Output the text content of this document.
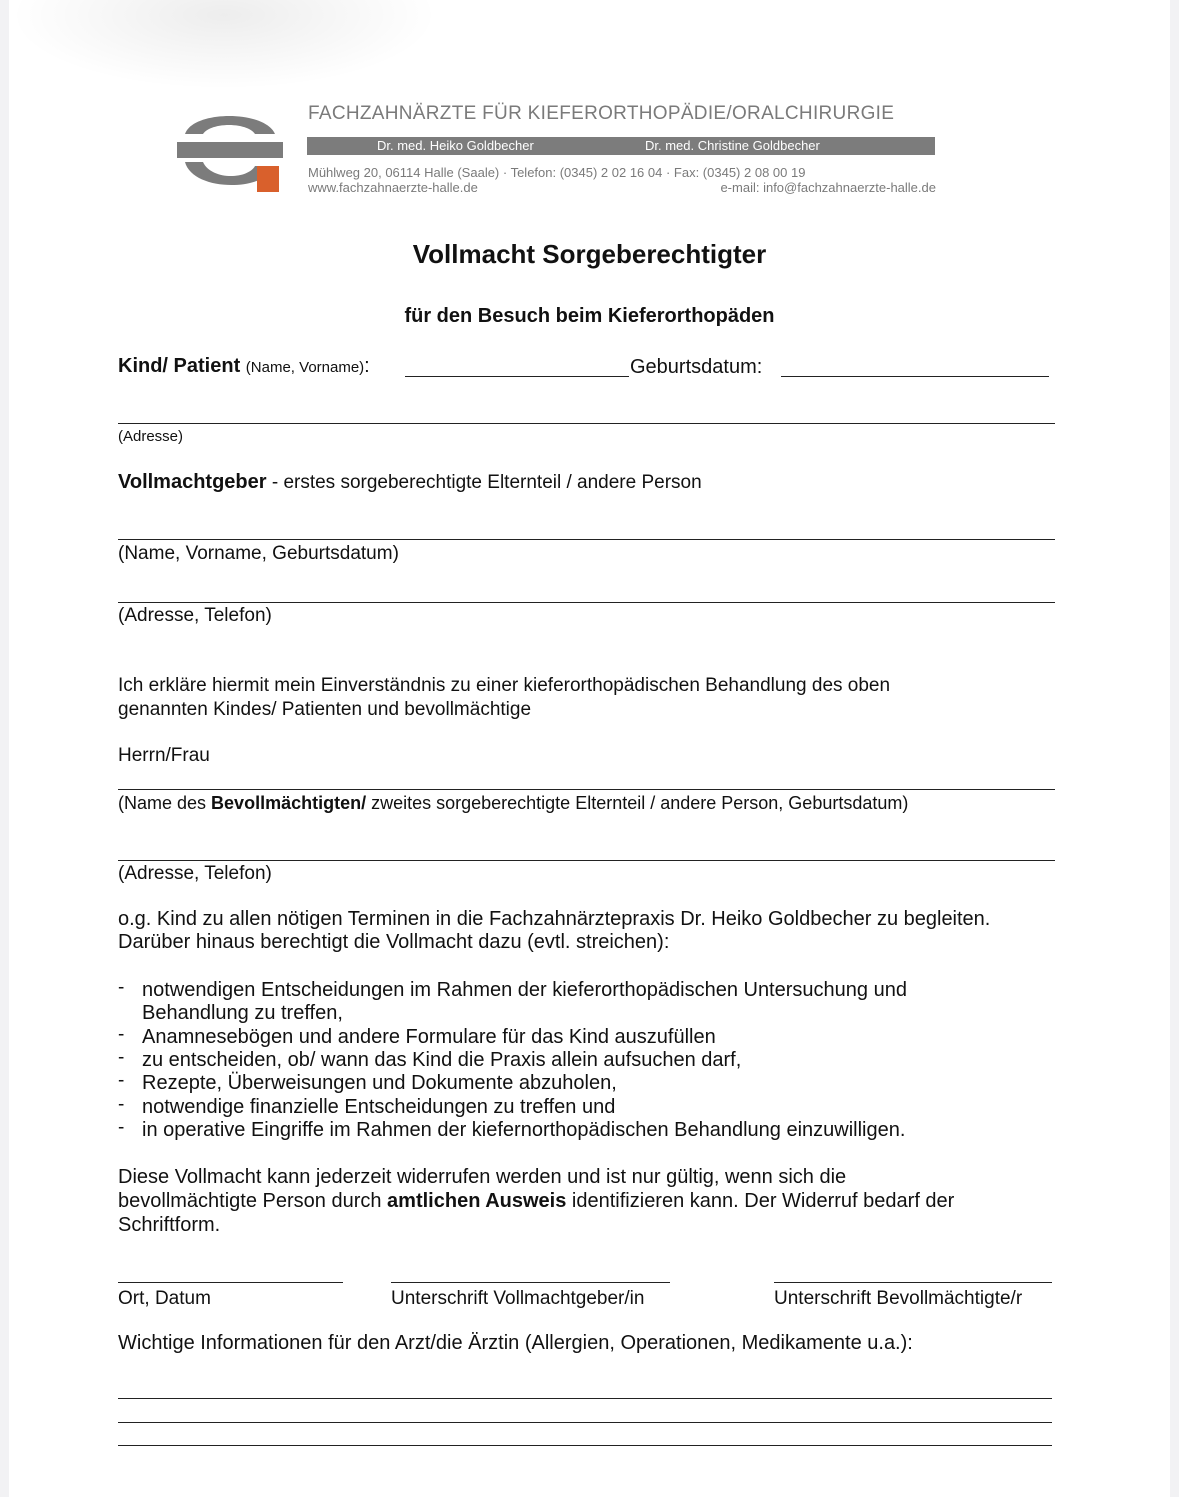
FACHZAHNÄRZTE FÜR KIEFERORTHOPÄDIE/ORALCHIRURGIE
Dr. med. Heiko Goldbecher	Dr. med. Christine Goldbecher
Mühlweg 20, 06114 Halle (Saale) · Telefon: (0345) 2 02 16 04 · Fax: (0345) 2 08 00 19
www.fachzahnaerzte-halle.de	e-mail: info@fachzahnaerzte-halle.de
Vollmacht Sorgeberechtigter
für den Besuch beim Kieferorthopäden
Kind/ Patient (Name, Vorname):	Geburtsdatum:
(Adresse)
Vollmachtgeber - erstes sorgeberechtigte Elternteil / andere Person
(Name, Vorname, Geburtsdatum)
(Adresse, Telefon)
Ich erkläre hiermit mein Einverständnis zu einer kieferorthopädischen Behandlung des oben
genannten Kindes/ Patienten und bevollmächtige
Herrn/Frau
(Name des Bevollmächtigten/ zweites sorgeberechtigte Elternteil / andere Person, Geburtsdatum)
(Adresse, Telefon)
o.g. Kind zu allen nötigen Terminen in die Fachzahnärztepraxis Dr. Heiko Goldbecher zu begleiten.
Darüber hinaus berechtigt die Vollmacht dazu (evtl. streichen):
- notwendigen Entscheidungen im Rahmen der kieferorthopädischen Untersuchung und
Behandlung zu treffen,
- Anamnesebögen und andere Formulare für das Kind auszufüllen
- zu entscheiden, ob/ wann das Kind die Praxis allein aufsuchen darf,
- Rezepte, Überweisungen und Dokumente abzuholen,
- notwendige finanzielle Entscheidungen zu treffen und
- in operative Eingriffe im Rahmen der kiefernorthopädischen Behandlung einzuwilligen.
Diese Vollmacht kann jederzeit widerrufen werden und ist nur gültig, wenn sich die
bevollmächtigte Person durch amtlichen Ausweis identifizieren kann. Der Widerruf bedarf der
Schriftform.
Ort, Datum	Unterschrift Vollmachtgeber/in	Unterschrift Bevollmächtigte/r
Wichtige Informationen für den Arzt/die Ärztin (Allergien, Operationen, Medikamente u.a.):
